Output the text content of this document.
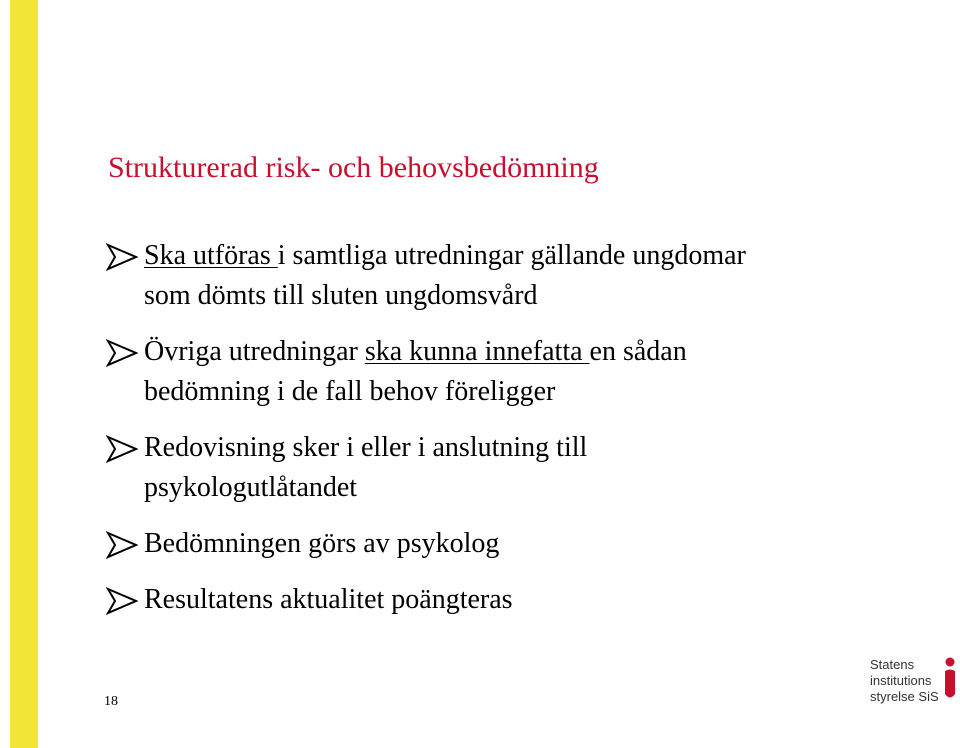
Strukturerad risk- och behovsbedömning
Ska utföras i samtliga utredningar gällande ungdomar
som dömts till sluten ungdomsvård
Övriga utredningar ska kunna innefatta en sådan
bedömning i de fall behov föreligger
Redovisning sker i eller i anslutning till
psykologutlåtandet
Bedömningen görs av psykolog
Resultatens aktualitet poängteras
18
Statens
institutions
styrelse SiS
